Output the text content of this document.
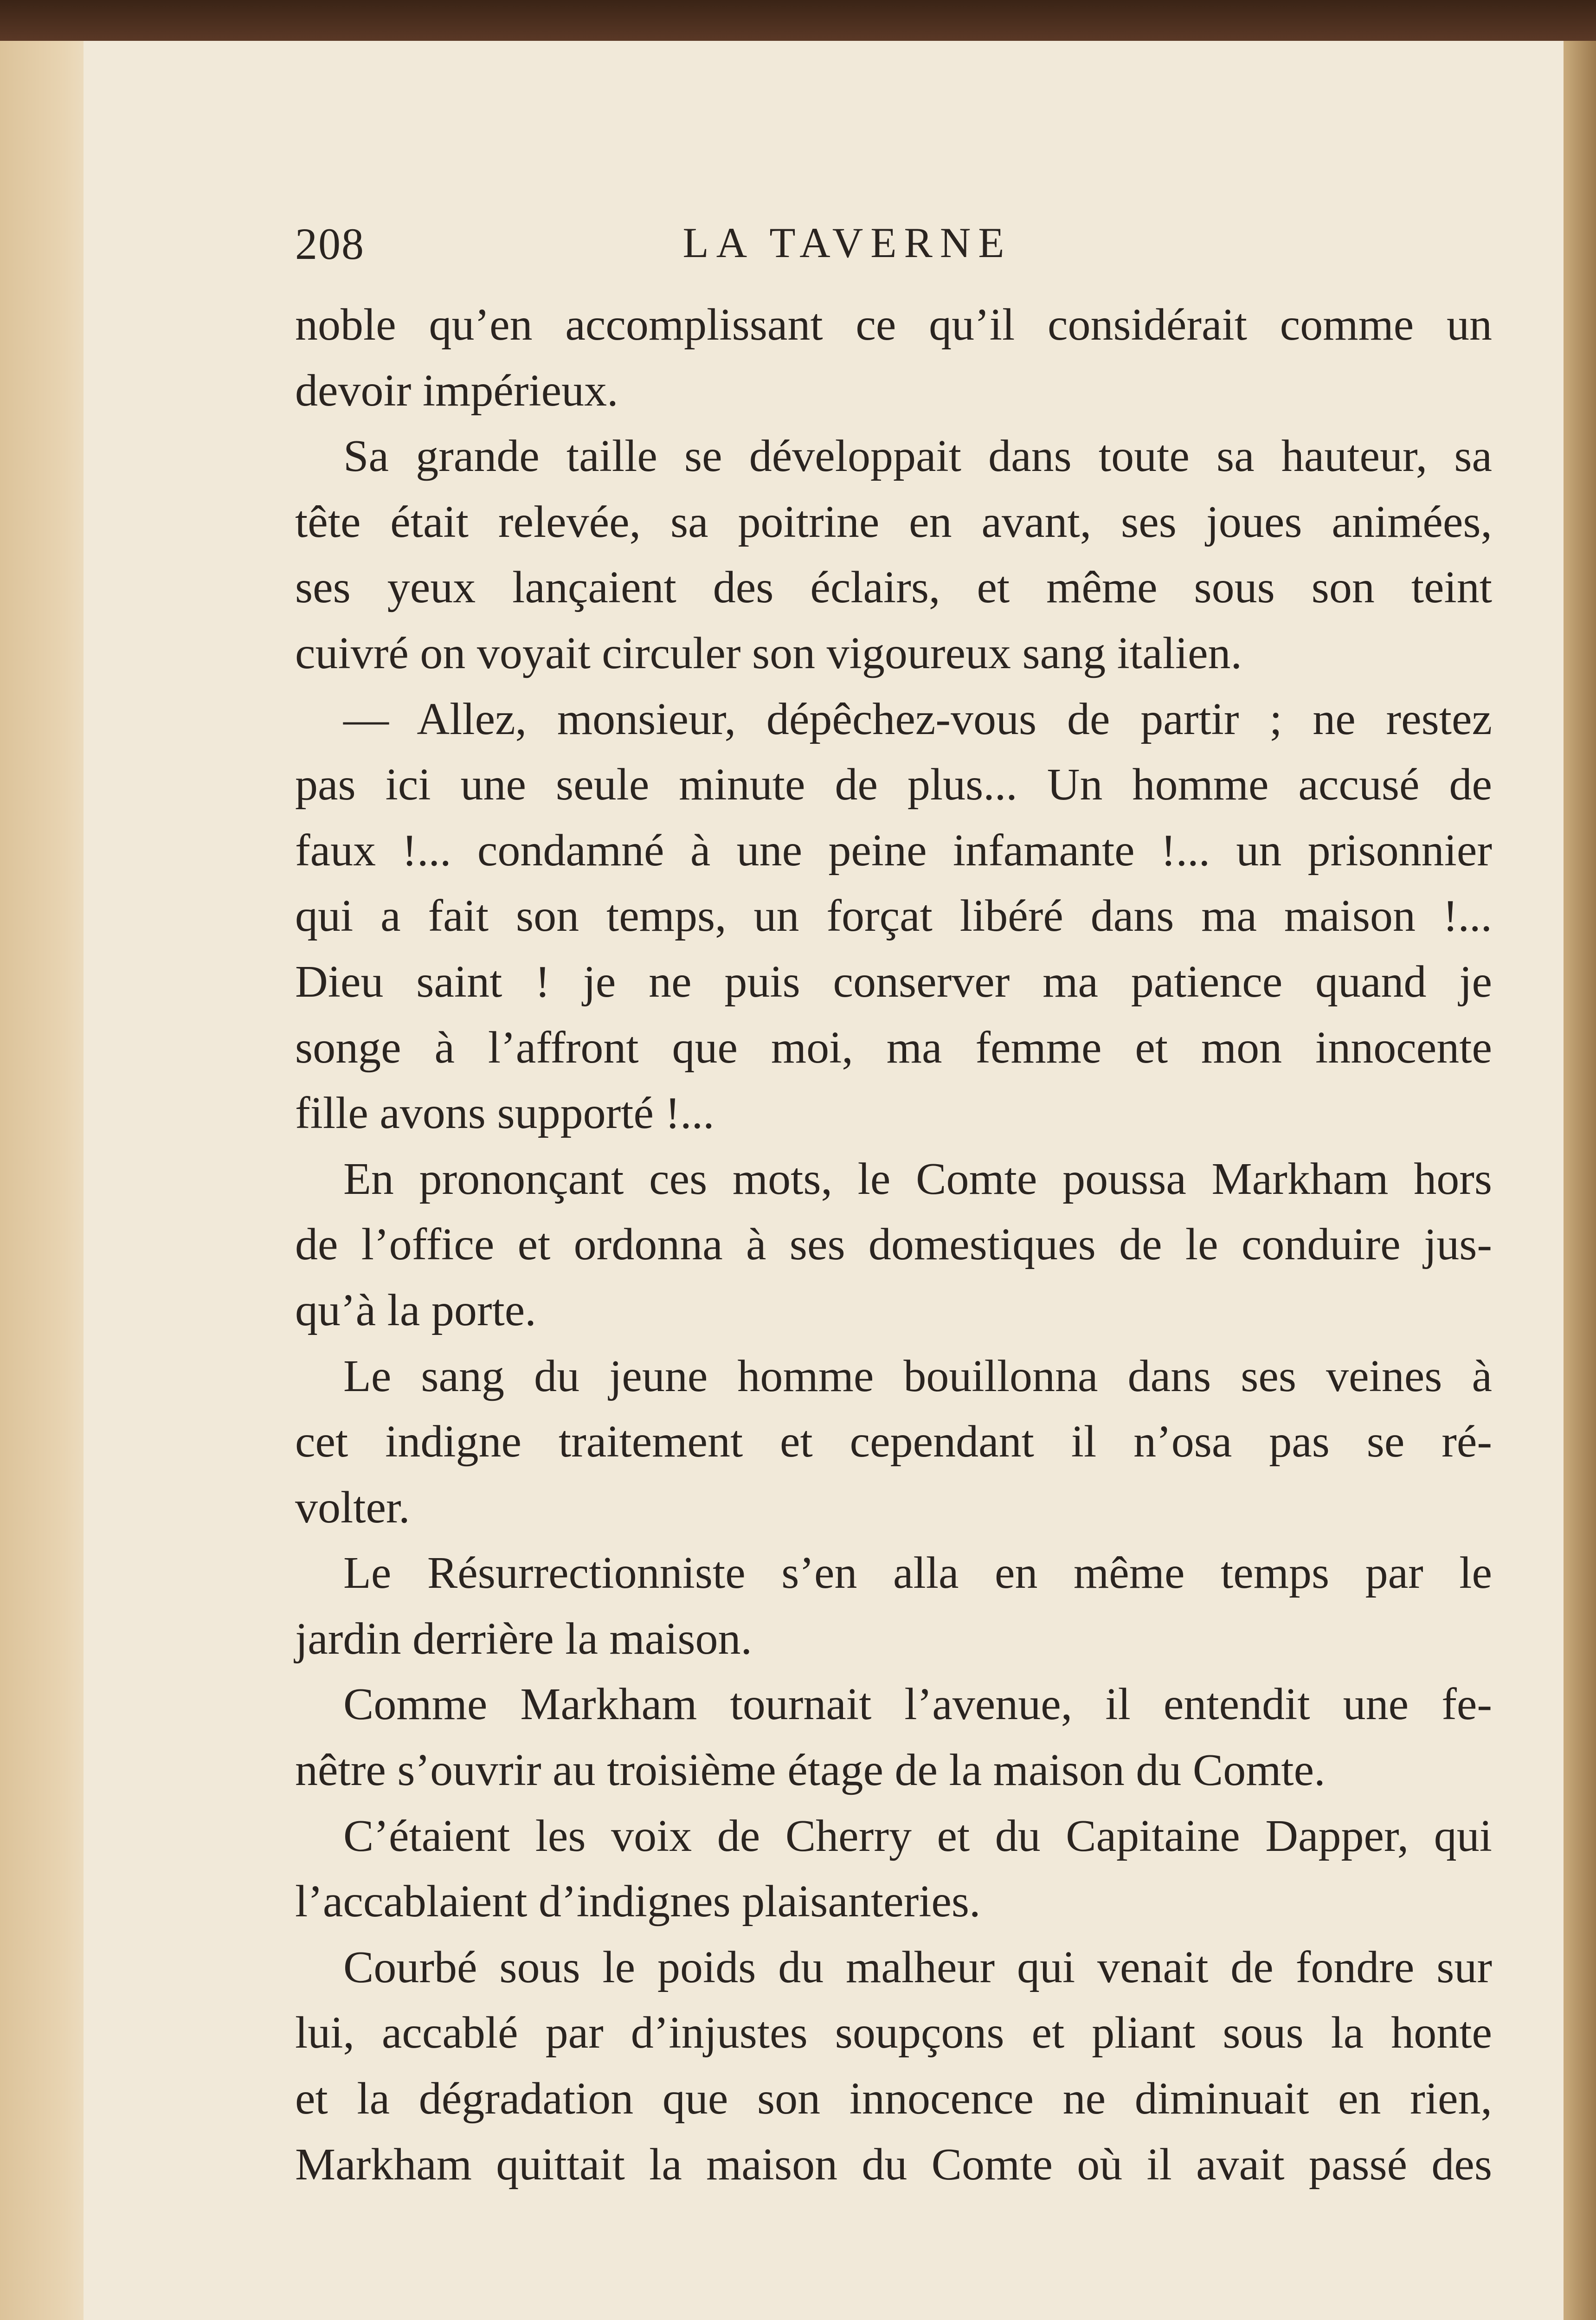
208	LA TAVERNE
noble qu’en accomplissant ce qu’il considérait comme un
devoir impérieux.
Sa grande taille se développait dans toute sa hauteur, sa
tête était relevée, sa poitrine en avant, ses joues animées,
ses yeux lançaient des éclairs, et même sous son teint
cuivré on voyait circuler son vigoureux sang italien.
— Allez, monsieur, dépêchez-vous de partir ; ne restez
pas ici une seule minute de plus... Un homme accusé de
faux !... condamné à une peine infamante !... un prisonnier
qui a fait son temps, un forçat libéré dans ma maison !...
Dieu saint ! je ne puis conserver ma patience quand je
songe à l’affront que moi, ma femme et mon innocente
fille avons supporté !...
En prononçant ces mots, le Comte poussa Markham hors
de l’office et ordonna à ses domestiques de le conduire jus-
qu’à la porte.
Le sang du jeune homme bouillonna dans ses veines à
cet indigne traitement et cependant il n’osa pas se ré-
volter.
Le Résurrectionniste s’en alla en même temps par le
jardin derrière la maison.
Comme Markham tournait l’avenue, il entendit une fe-
nêtre s’ouvrir au troisième étage de la maison du Comte.
C’étaient les voix de Cherry et du Capitaine Dapper, qui
l’accablaient d’indignes plaisanteries.
Courbé sous le poids du malheur qui venait de fondre sur
lui, accablé par d’injustes soupçons et pliant sous la honte
et la dégradation que son innocence ne diminuait en rien,
Markham quittait la maison du Comte où il avait passé des
